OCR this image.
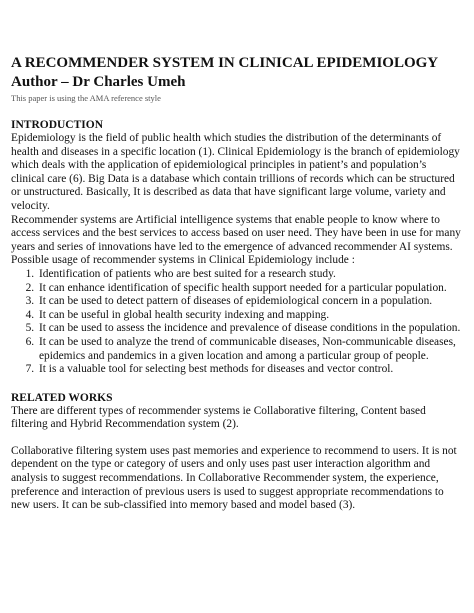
A RECOMMENDER SYSTEM IN CLINICAL EPIDEMIOLOGY
Author – Dr Charles Umeh
This paper is using the AMA reference style
INTRODUCTION

Epidemiology is the field of public health which studies the distribution of the determinants of health and diseases in a specific location (1). Clinical Epidemiology is the branch of epidemiology which deals with the application of epidemiological principles in patient’s and population’s clinical care (6). Big Data is a database which contain trillions of records which can be structured or unstructured. Basically, It is described as data that have significant large volume, variety and velocity.

Recommender systems are Artificial intelligence systems that enable people to know where to access services and the best services to access based on user need. They have been in use for many years and series of innovations have led to the emergence of advanced recommender AI systems.

Possible usage of recommender systems in Clinical Epidemiology include :

1. Identification of patients who are best suited for a research study.
2. It can enhance identification of specific health support needed for a particular population.
3. It can be used to detect pattern of diseases of epidemiological concern in a population.
4. It can be useful in global health security indexing and mapping.
5. It can be used to assess the incidence and prevalence of disease conditions in the population.
6. It can be used to analyze the trend of communicable diseases, Non-communicable diseases, epidemics and pandemics in a given location and among a particular group of people.
7. It is a valuable tool for selecting best methods for diseases and vector control.
RELATED WORKS

There are different types of recommender systems ie Collaborative filtering, Content based filtering and Hybrid Recommendation system (2).

Collaborative filtering system uses past memories and experience to recommend to users. It is not dependent on the type or category of users and only uses past user interaction algorithm and analysis to suggest recommendations. In Collaborative Recommender system, the experience, preference and interaction of previous users is used to suggest appropriate recommendations to new users. It can be sub-classified into memory based and model based (3).
